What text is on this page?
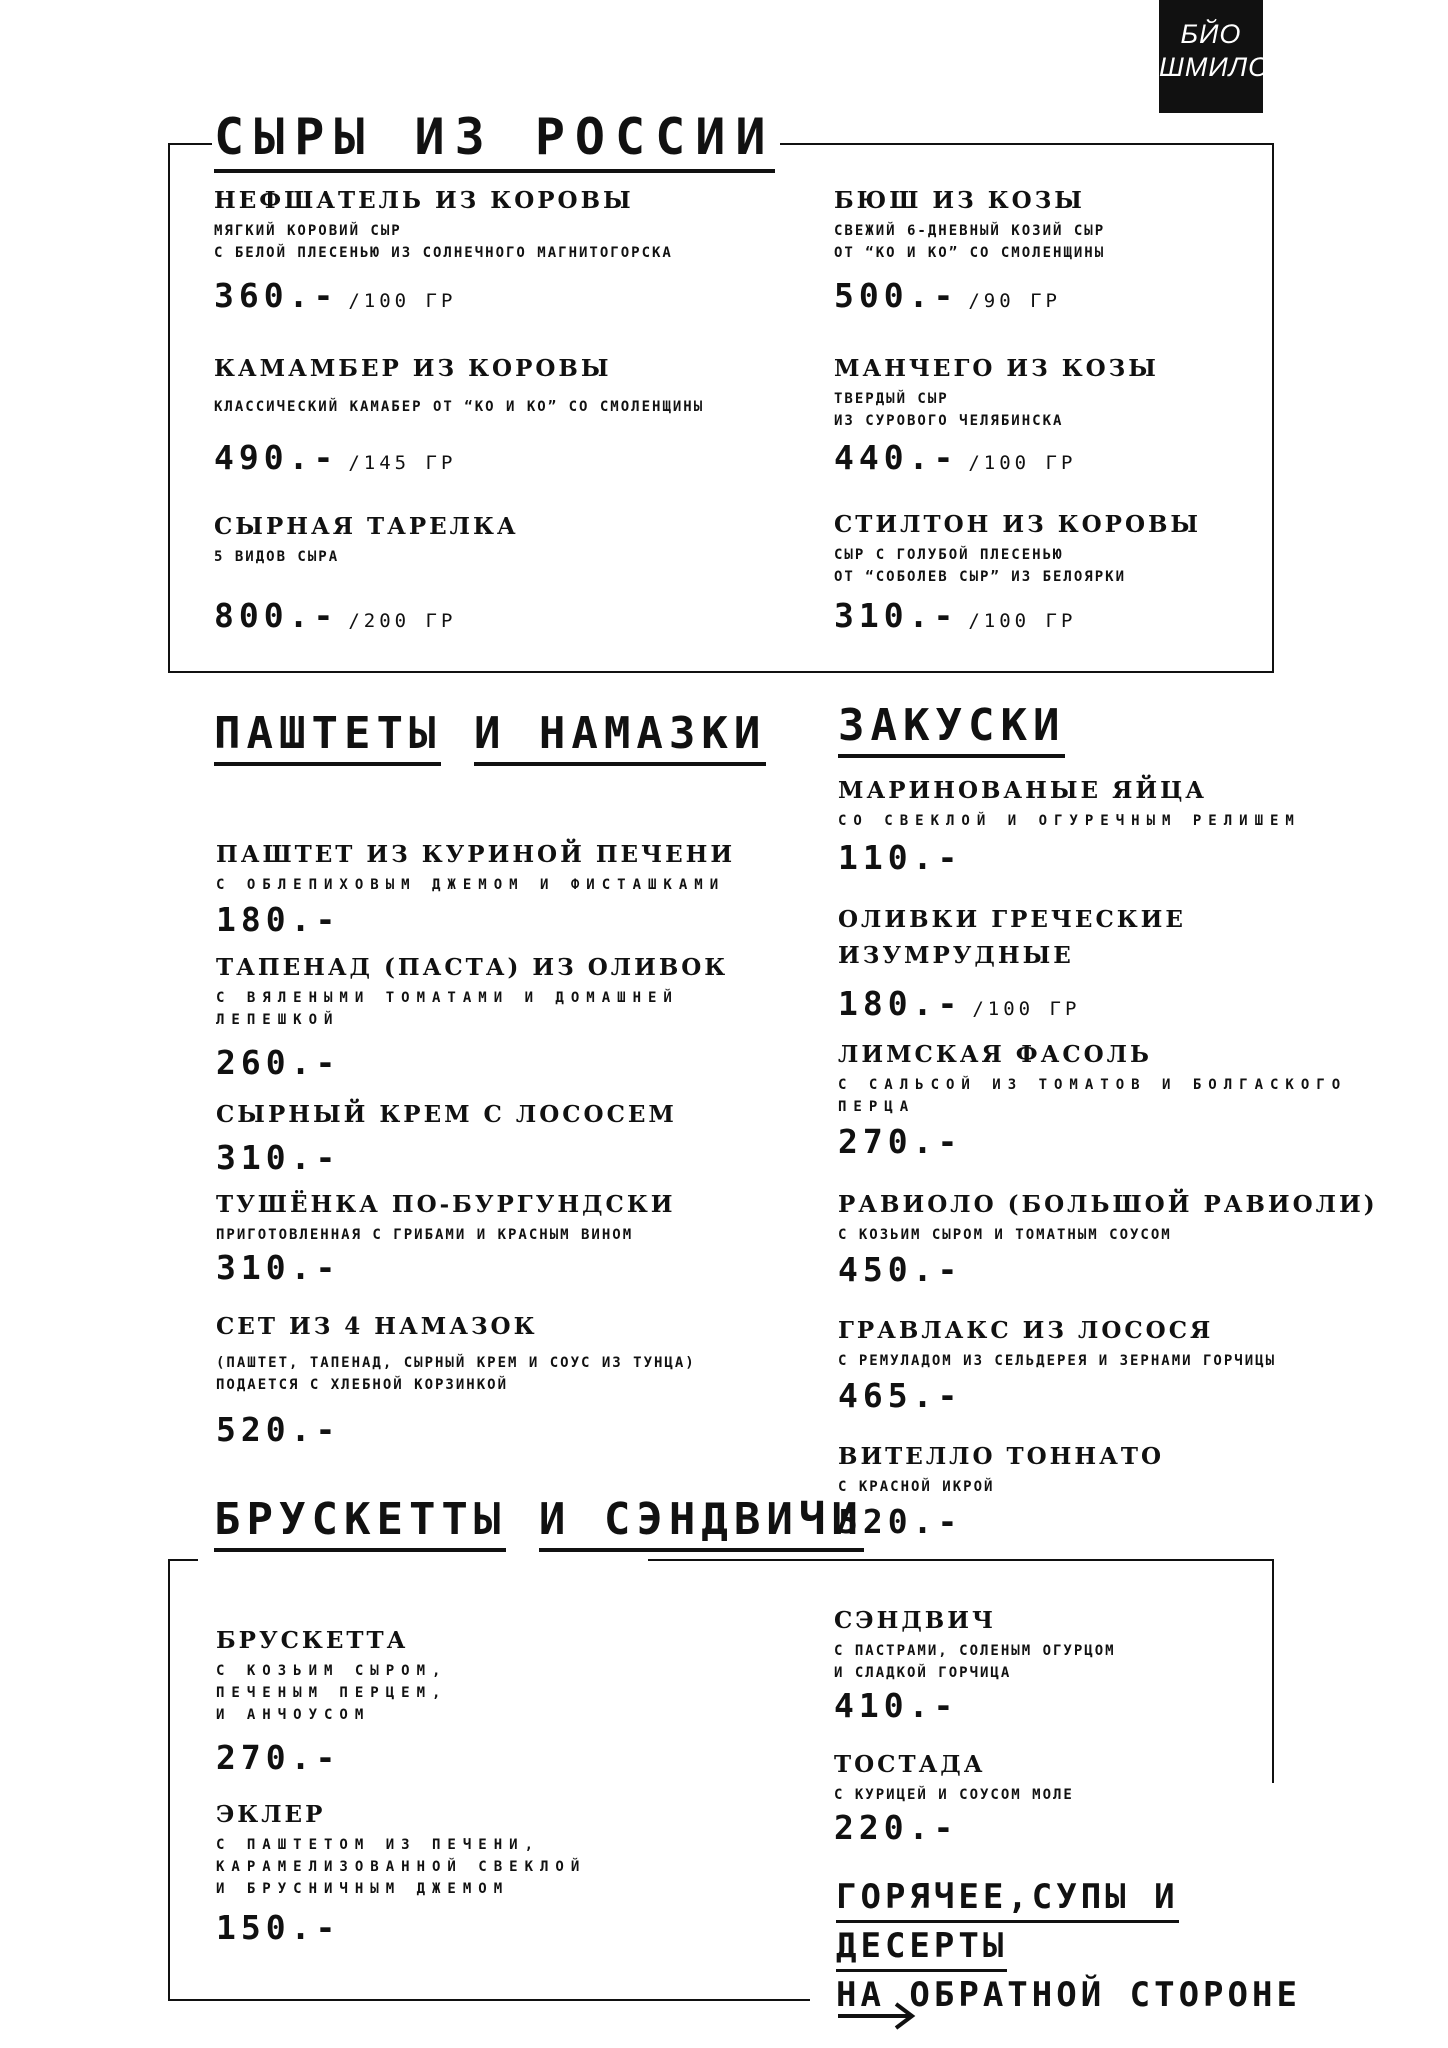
БЙО
ШМИЛО
СЫРЫ ИЗ РОССИИ
НЕФШАТЕЛЬ ИЗ КОРОВЫ
МЯГКИЙ КОРОВИЙ СЫР
С БЕЛОЙ ПЛЕСЕНЬЮ ИЗ СОЛНЕЧНОГО МАГНИТОГОРСКА
360.- /100 ГР
КАМАМБЕР ИЗ КОРОВЫ
КЛАССИЧЕСКИЙ КАМАБЕР ОТ “КО И КО” СО СМОЛЕНЩИНЫ
490.- /145 ГР
СЫРНАЯ ТАРЕЛКА
5 ВИДОВ СЫРА
800.- /200 ГР
БЮШ ИЗ КОЗЫ
СВЕЖИЙ 6-ДНЕВНЫЙ КОЗИЙ СЫР
ОТ “КО И КО” СО СМОЛЕНЩИНЫ
500.- /90 ГР
МАНЧЕГО ИЗ КОЗЫ
ТВЕРДЫЙ СЫР
ИЗ СУРОВОГО ЧЕЛЯБИНСКА
440.- /100 ГР
СТИЛТОН ИЗ КОРОВЫ
СЫР С ГОЛУБОЙ ПЛЕСЕНЬЮ
ОТ “СОБОЛЕВ СЫР” ИЗ БЕЛОЯРКИ
310.- /100 ГР
ПАШТЕТЫ И НАМАЗКИ
ПАШТЕТ ИЗ КУРИНОЙ ПЕЧЕНИ
С ОБЛЕПИХОВЫМ ДЖЕМОМ И ФИСТАШКАМИ
180.-
ТАПЕНАД (ПАСТА) ИЗ ОЛИВОК
С ВЯЛЕНЫМИ ТОМАТАМИ И ДОМАШНЕЙ
ЛЕПЕШКОЙ
260.-
СЫРНЫЙ КРЕМ С ЛОСОСЕМ
310.-
ТУШЁНКА ПО-БУРГУНДСКИ
ПРИГОТОВЛЕННАЯ С ГРИБАМИ И КРАСНЫМ ВИНОМ
310.-
СЕТ ИЗ 4 НАМАЗОК
(ПАШТЕТ, ТАПЕНАД, СЫРНЫЙ КРЕМ И СОУС ИЗ ТУНЦА)
ПОДАЕТСЯ С ХЛЕБНОЙ КОРЗИНКОЙ
520.-
ЗАКУСКИ
МАРИНОВАНЫЕ ЯЙЦА
СО СВЕКЛОЙ И ОГУРЕЧНЫМ РЕЛИШЕМ
110.-
ОЛИВКИ ГРЕЧЕСКИЕ
ИЗУМРУДНЫЕ
180.- /100 ГР
ЛИМСКАЯ ФАСОЛЬ
С САЛЬСОЙ ИЗ ТОМАТОВ И БОЛГАСКОГО
ПЕРЦА
270.-
РАВИОЛО (БОЛЬШОЙ РАВИОЛИ)
С КОЗЬИМ СЫРОМ И ТОМАТНЫМ СОУСОМ
450.-
ГРАВЛАКС ИЗ ЛОСОСЯ
С РЕМУЛАДОМ ИЗ СЕЛЬДЕРЕЯ И ЗЕРНАМИ ГОРЧИЦЫ
465.-
ВИТЕЛЛО ТОННАТО
С КРАСНОЙ ИКРОЙ
520.-
БРУСКЕТТЫ И СЭНДВИЧИ
БРУСКЕТТА
С КОЗЬИМ СЫРОМ,
ПЕЧЕНЫМ ПЕРЦЕМ,
И АНЧОУСОМ
270.-
ЭКЛЕР
С ПАШТЕТОМ ИЗ ПЕЧЕНИ,
КАРАМЕЛИЗОВАННОЙ СВЕКЛОЙ
И БРУСНИЧНЫМ ДЖЕМОМ
150.-
СЭНДВИЧ
С ПАСТРАМИ, СОЛЕНЫМ ОГУРЦОМ
И СЛАДКОЙ ГОРЧИЦА
410.-
ТОСТАДА
С КУРИЦЕЙ И СОУСОМ МОЛЕ
220.-

ГОРЯЧЕЕ,СУПЫ И
ДЕСЕРТЫ
НА ОБРАТНОЙ СТОРОНЕ
